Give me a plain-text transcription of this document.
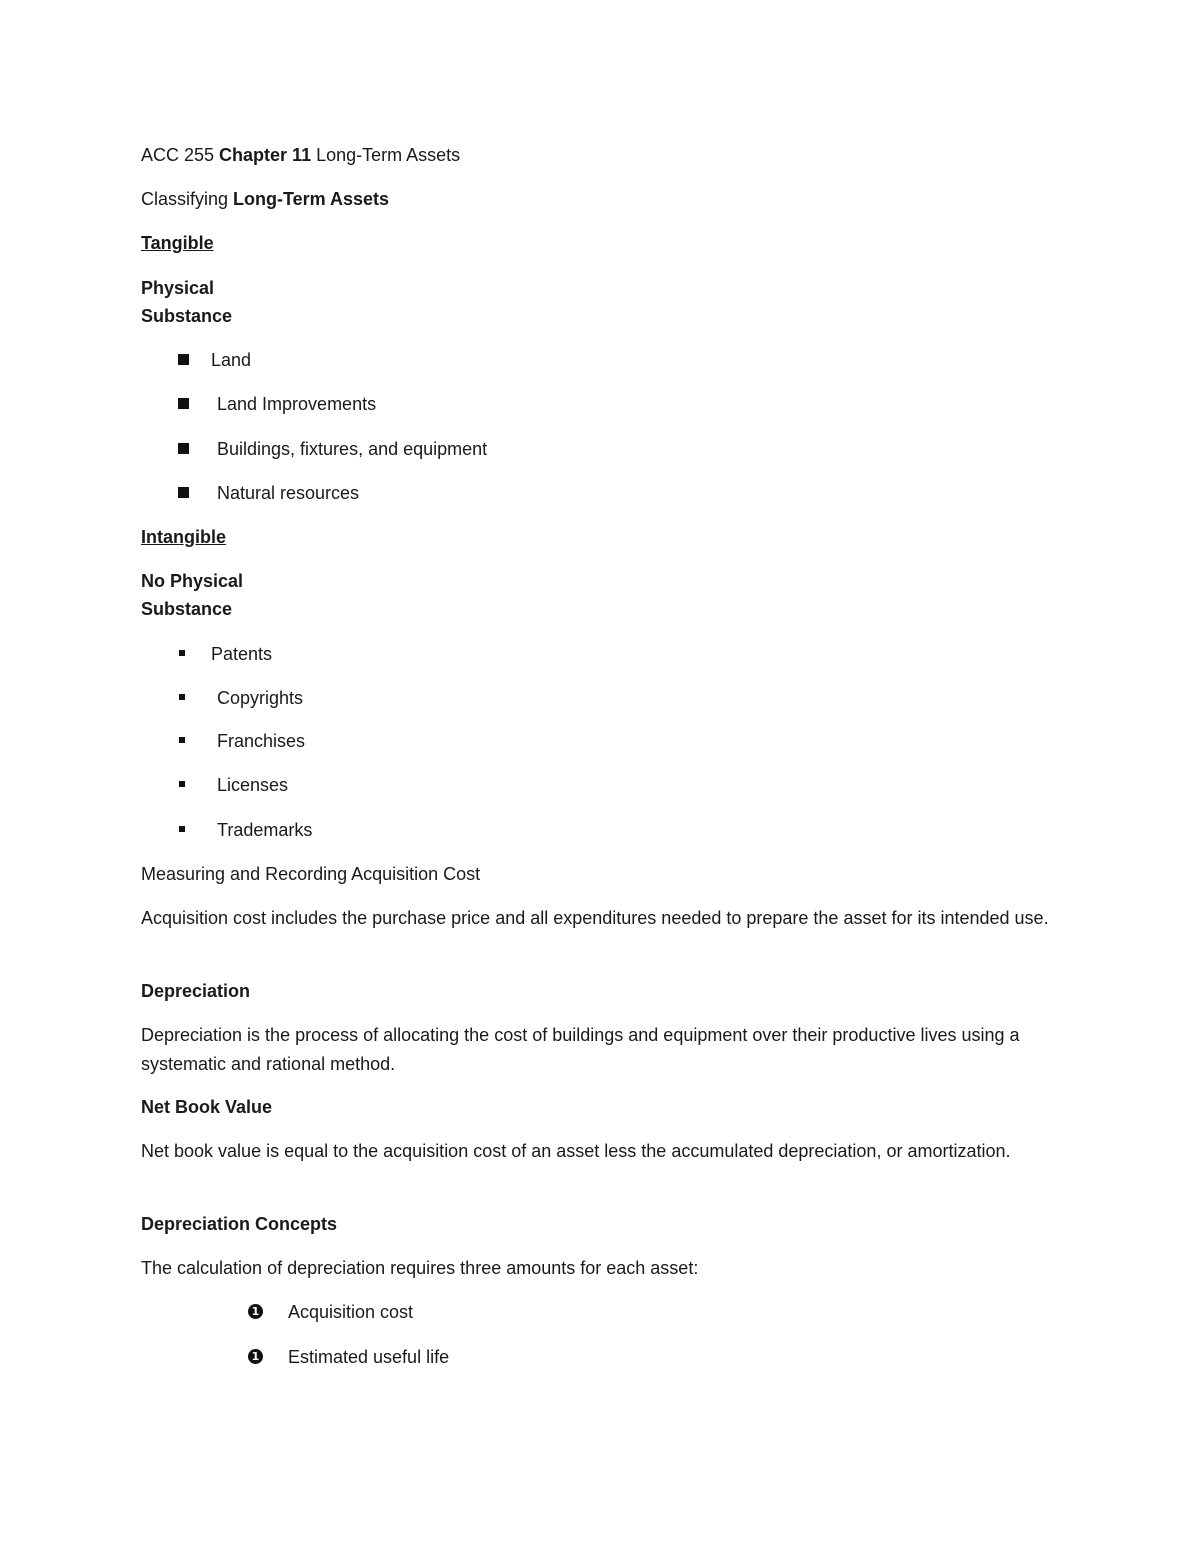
ACC 255 Chapter 11 Long-Term Assets
Classifying Long-Term Assets
Tangible
Physical
Substance
Land
Land Improvements
Buildings, fixtures, and equipment
Natural resources
Intangible
No Physical
Substance
Patents
Copyrights
Franchises
Licenses
Trademarks
Measuring and Recording Acquisition Cost
Acquisition cost includes the purchase price and all expenditures needed to prepare the asset for its intended use.
Depreciation
Depreciation is the process of allocating the cost of buildings and equipment over their productive lives using a systematic and rational method.
Net Book Value
Net book value is equal to the acquisition cost of an asset less the accumulated depreciation, or amortization.
Depreciation Concepts
The calculation of depreciation requires three amounts for each asset:
1 Acquisition cost
1 Estimated useful life
